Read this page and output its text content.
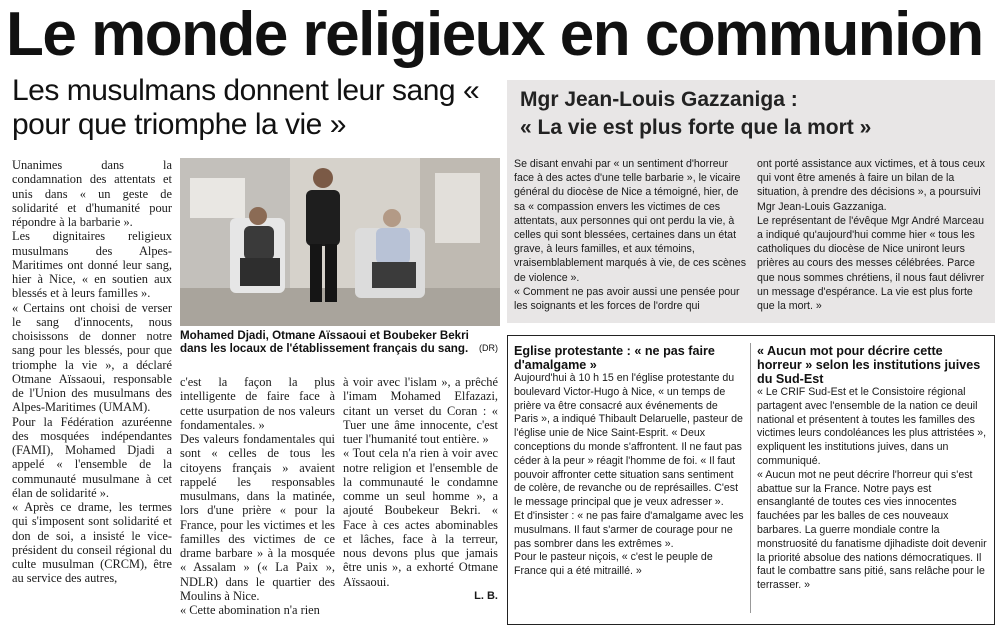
Le monde religieux en communion
Les musulmans donnent leur sang « pour que triomphe la vie »

Unanimes dans la condamnation des attentats et unis dans « un geste de solidarité et d'humanité pour répondre à la barbarie ».

Les dignitaires religieux musulmans des Alpes-Maritimes ont donné leur sang, hier à Nice, « en soutien aux blessés et à leurs familles ».

« Certains ont choisi de verser le sang d'innocents, nous choisissons de donner notre sang pour les blessés, pour que triomphe la vie », a déclaré Otmane Aïssaoui, responsable de l'Union des musulmans des Alpes-Maritimes (UMAM).

Pour la Fédération azuréenne des mosquées indépendantes (FAMI), Mohamed Djadi a appelé « l'ensemble de la communauté musulmane à cet élan de solidarité ».

« Après ce drame, les termes qui s'imposent sont solidarité et don de soi, a insisté le vice-président du conseil régional du culte musulman (CRCM), être au service des autres,

Mohamed Djadi, Otmane Aïssaoui et Boubeker Bekri dans les locaux de l'établissement français du sang. (DR)

c'est la façon la plus intelligente de faire face à cette usurpation de nos valeurs fondamentales. »

Des valeurs fondamentales qui sont « celles de tous les citoyens français » avaient rappelé les responsables musulmans, dans la matinée, lors d'une prière « pour la France, pour les victimes et les familles des victimes de ce drame barbare » à la mosquée « Assalam » (« La Paix », NDLR) dans le quartier des Moulins à Nice.

« Cette abomination n'a rien

à voir avec l'islam », a prêché l'imam Mohamed Elfazazi, citant un verset du Coran : « Tuer une âme innocente, c'est tuer l'humanité tout entière. »

« Tout cela n'a rien à voir avec notre religion et l'ensemble de la communauté le condamne comme un seul homme », a ajouté Boubekeur Bekri. « Face à ces actes abominables et lâches, face à la terreur, nous devons plus que jamais être unis », a exhorté Otmane Aïssaoui.

L. B.
Mgr Jean-Louis Gazzaniga :
« La vie est plus forte que la mort »

Se disant envahi par « un sentiment d'horreur face à des actes d'une telle barbarie », le vicaire général du diocèse de Nice a témoigné, hier, de sa « compassion envers les victimes de ces attentats, aux personnes qui ont perdu la vie, à celles qui sont blessées, certaines dans un état grave, à leurs familles, et aux témoins, vraisemblablement marqués à vie, de ces scènes de violence ».

« Comment ne pas avoir aussi une pensée pour les soignants et les forces de l'ordre qui

ont porté assistance aux victimes, et à tous ceux qui vont être amenés à faire un bilan de la situation, à prendre des décisions », a poursuivi Mgr Jean-Louis Gazzaniga.

Le représentant de l'évêque Mgr André Marceau a indiqué qu'aujourd'hui comme hier « tous les catholiques du diocèse de Nice uniront leurs prières au cours des messes célébrées. Parce que nous sommes chrétiens, il nous faut délivrer un message d'espérance. La vie est plus forte que la mort. »

Eglise protestante : « ne pas faire d'amalgame »

Aujourd'hui à 10 h 15 en l'église protestante du boulevard Victor-Hugo à Nice, « un temps de prière va être consacré aux événements de Paris », a indiqué Thibault Delaruelle, pasteur de l'église unie de Nice Saint-Esprit. « Deux conceptions du monde s'affrontent. Il ne faut pas céder à la peur » réagit l'homme de foi. « Il faut pouvoir affronter cette situation sans sentiment de colère, de revanche ou de représailles. C'est le message principal que je veux adresser ».

Et d'insister : « ne pas faire d'amalgame avec les musulmans. Il faut s'armer de courage pour ne pas sombrer dans les extrêmes ».

Pour le pasteur niçois, « c'est le peuple de France qui a été mitraillé. »

« Aucun mot pour décrire cette horreur » selon les institutions juives du Sud-Est

« Le CRIF Sud-Est et le Consistoire régional partagent avec l'ensemble de la nation ce deuil national et présentent à toutes les familles des victimes leurs condoléances les plus attristées », expliquent les institutions juives, dans un communiqué.

« Aucun mot ne peut décrire l'horreur qui s'est abattue sur la France. Notre pays est ensanglanté de toutes ces vies innocentes fauchées par les balles de ces nouveaux barbares. La guerre mondiale contre la monstruosité du fanatisme djihadiste doit devenir la priorité absolue des nations démocratiques. Il faut le combattre sans pitié, sans relâche pour le terrasser. »
